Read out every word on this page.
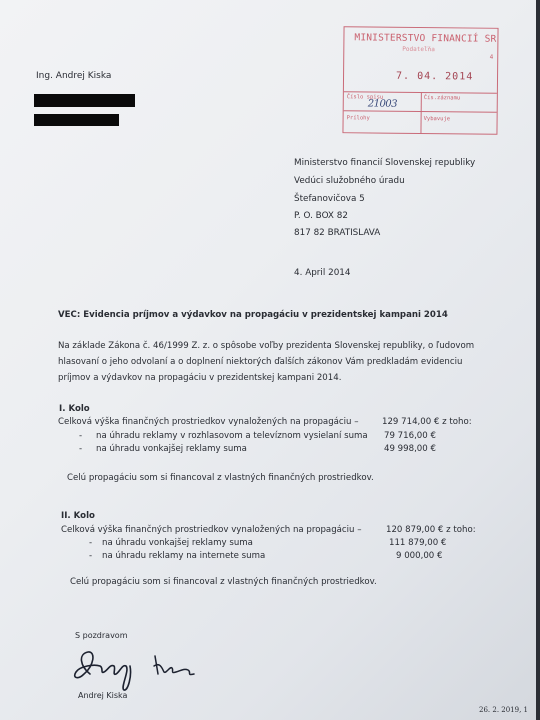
Ing. Andrej Kiska
MINISTERSTVO FINANCIÍ SR
Podateľňa
4
7. 04. 2014
Číslo spisu	Čís.záznamu
Prílohy	Vybavuje
21003
Ministerstvo financií Slovenskej republiky
Vedúci služobného úradu
Štefanovičova 5
P. O. BOX 82
817 82 BRATISLAVA
4. April 2014
VEC: Evidencia príjmov a výdavkov na propagáciu v prezidentskej kampani 2014
Na základe Zákona č. 46/1999 Z. z. o spôsobe voľby prezidenta Slovenskej republiky, o ľudovom
hlasovaní o jeho odvolaní a o doplnení niektorých ďalších zákonov Vám predkladám evidenciu
príjmov a výdavkov na propagáciu v prezidentskej kampani 2014.
I. Kolo
Celková výška finančných prostriedkov vynaložených na propagáciu –	129 714,00 € z toho:
- na úhradu reklamy v rozhlasovom a televíznom vysielaní suma 79 716,00 €
- na úhradu vonkajšej reklamy suma	49 998,00 €
Celú propagáciu som si financoval z vlastných finančných prostriedkov.
II. Kolo
Celková výška finančných prostriedkov vynaložených na propagáciu –	120 879,00 € z toho:
- na úhradu vonkajšej reklamy suma	111 879,00 €
- na úhradu reklamy na internete suma	9 000,00 €
Celú propagáciu som si financoval z vlastných finančných prostriedkov.
S pozdravom
Andrej Kiska
26. 2. 2019, 1
